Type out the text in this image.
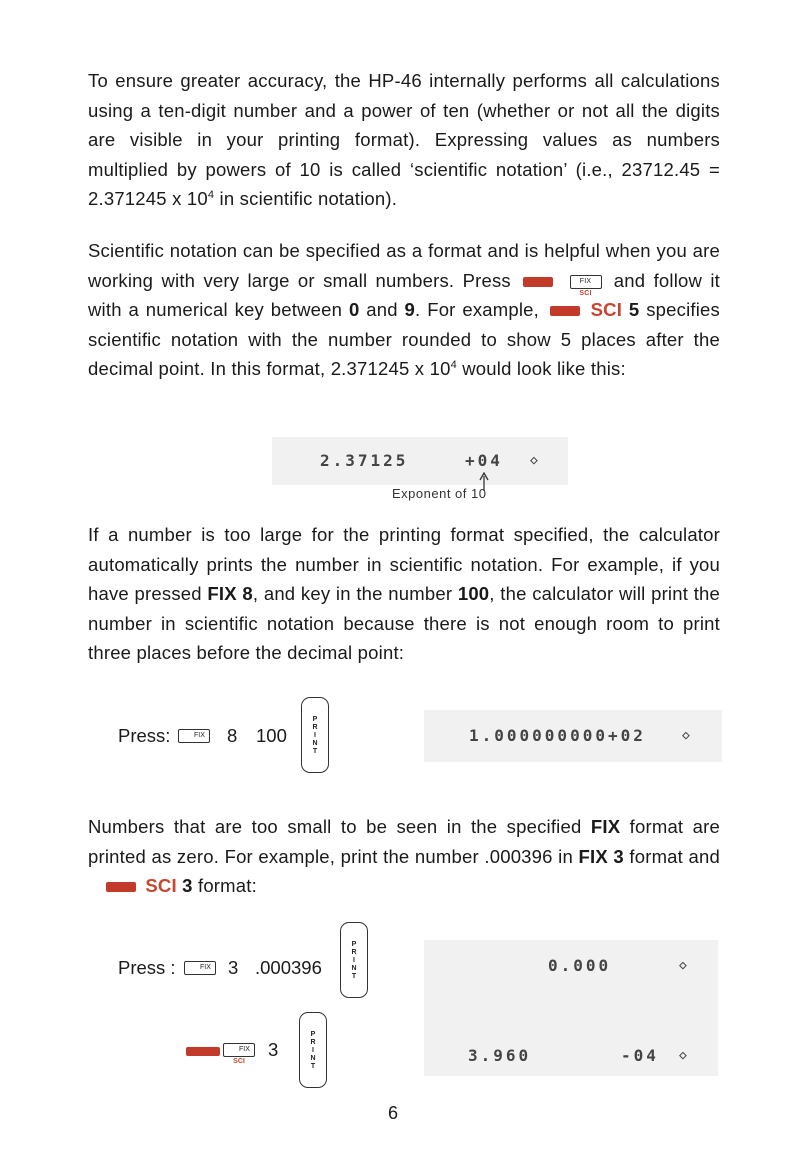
To ensure greater accuracy, the HP-46 internally performs all calculations using a ten-digit number and a power of ten (whether or not all the digits are visible in your printing format). Expressing values as numbers multiplied by powers of 10 is called ‘scientific notation’ (i.e., 23712.45 = 2.371245 x $10^4$ in scientific notation).

Scientific notation can be specified as a format and is helpful when you are working with very large or small numbers. Press	FIX
SCI
and follow it with a numerical key between 0 and 9. For example,	SCI 5 specifies scientific notation with the number rounded to show 5 places after the decimal point. In this format, 2.371245 x $10^4$ would look like this:

2.37125	+04 ◇
Exponent of 10

If a number is too large for the printing format specified, the calculator automatically prints the number in scientific notation. For example, if you have pressed FIX 8, and key in the number 100, the calculator will print the number in scientific notation because there is not enough room to print three places before the decimal point:

Press:	FIX 8 100
P
R
I
N
T
1.000000000+02	◇

Numbers that are too small to be seen in the specified FIX format are printed as zero. For example, print the number .000396 in FIX 3 format and  SCI 3 format:

Press :	FIX 3 .000396
P
R
I
N
T
0.000	◇
3.960	-04 ◇
FIX
SCI
3
P
R
I
N
T
6
